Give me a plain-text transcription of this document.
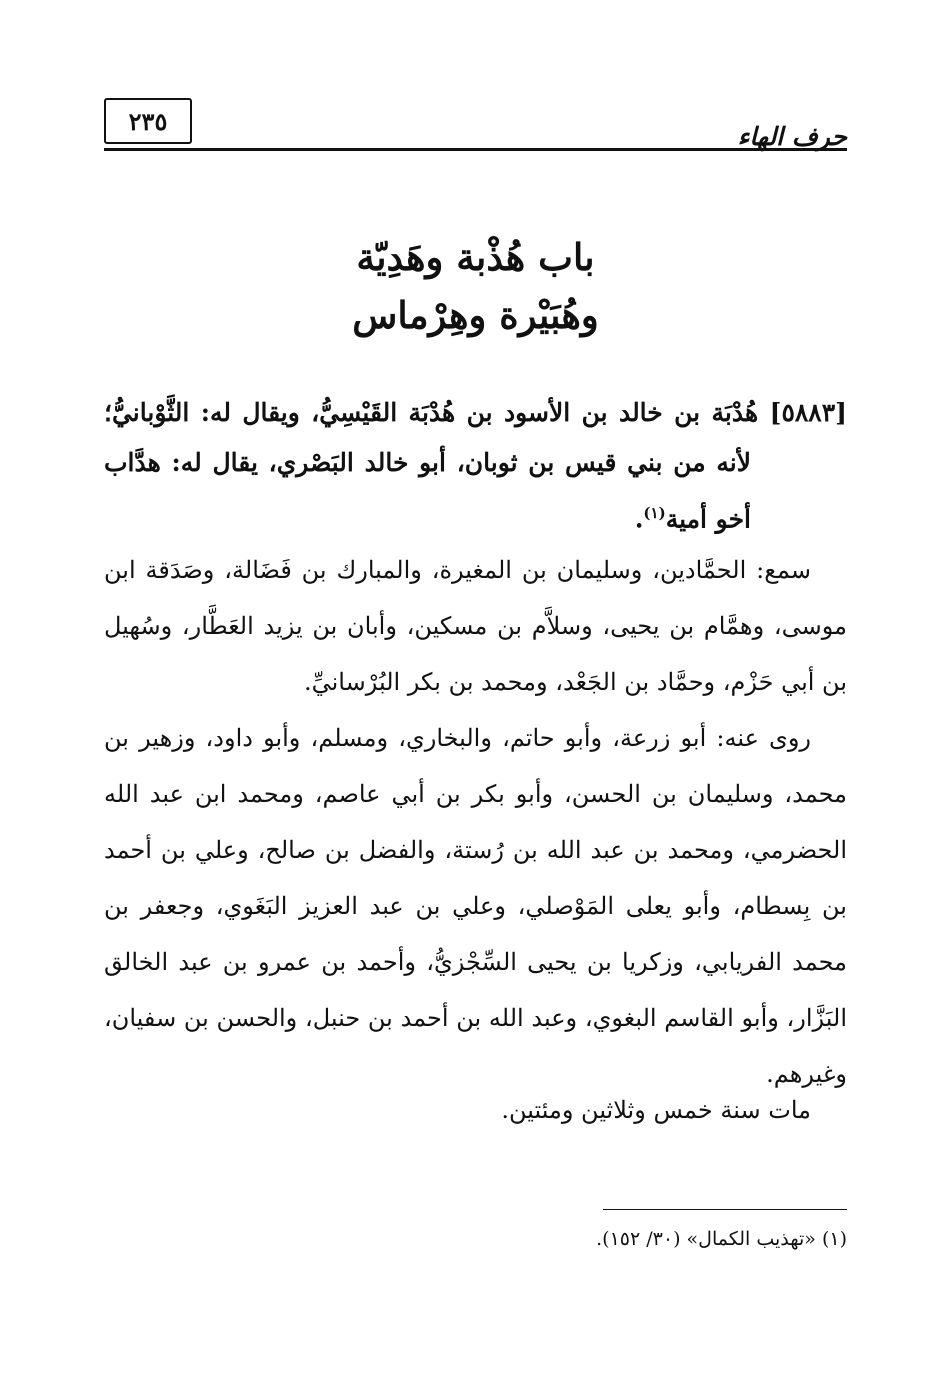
حرف الهاء
٢٣٥
باب هُذْبة وهَدِيّة
وهُبَيْرة وهِرْماس
[٥٨٨٣] هُدْبَة بن خالد بن الأسود بن هُدْبَة القَيْسِيُّ، ويقال له: الثَّوْبانيُّ؛ لأنه من بني قيس بن ثوبان، أبو خالد البَصْري، يقال له: هدَّاب أخو أمية$^{(١)}$.
سمع: الحمَّادين، وسليمان بن المغيرة، والمبارك بن فَضَالة، وصَدَقة ابن موسى، وهمَّام بن يحيى، وسلاَّم بن مسكين، وأبان بن يزيد العَطَّار، وسُهيل بن أبي حَزْم، وحمَّاد بن الجَعْد، ومحمد بن بكر البُرْسانيِّ.
روى عنه: أبو زرعة، وأبو حاتم، والبخاري، ومسلم، وأبو داود، وزهير بن محمد، وسليمان بن الحسن، وأبو بكر بن أبي عاصم، ومحمد ابن عبد الله الحضرمي، ومحمد بن عبد الله بن رُستة، والفضل بن صالح، وعلي بن أحمد بن بِسطام، وأبو يعلى المَوْصلي، وعلي بن عبد العزيز البَغَوي، وجعفر بن محمد الفريابي، وزكريا بن يحيى السِّجْزيُّ، وأحمد بن عمرو بن عبد الخالق البَزَّار، وأبو القاسم البغوي، وعبد الله بن أحمد بن حنبل، والحسن بن سفيان، وغيرهم.
مات سنة خمس وثلاثين ومئتين.
(١) «تهذيب الكمال» (٣٠/ ١٥٢).
